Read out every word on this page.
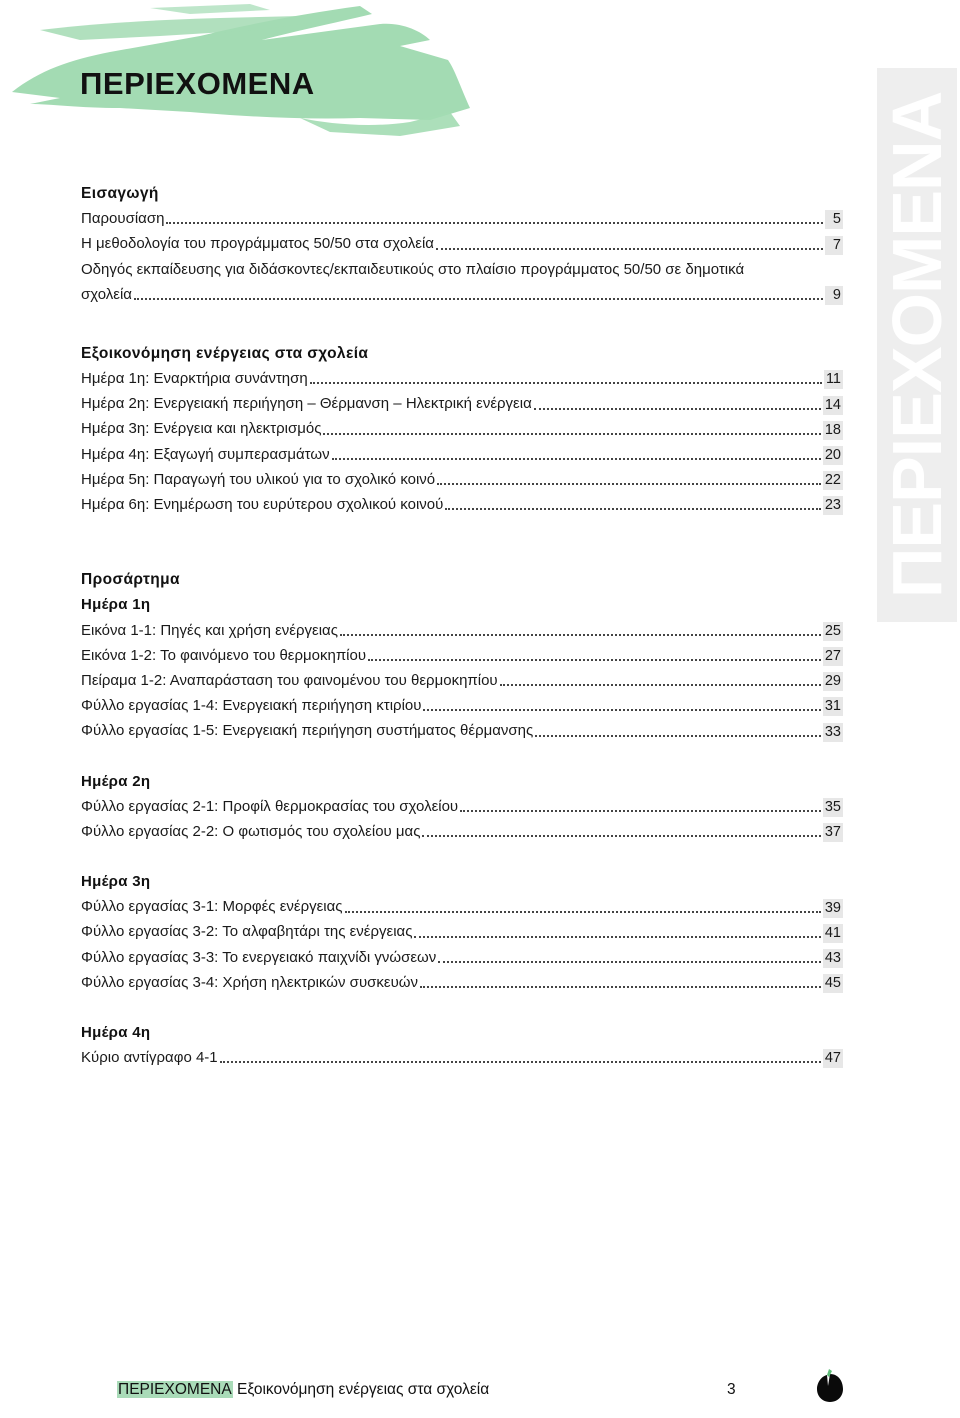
ΠΕΡΙΕΧΟΜΕΝΑ
ΠΕΡΙΕΧΟΜΕΝΑ
Εισαγωγή
Παρουσίαση	5
Η μεθοδολογία του προγράμματος 50/50 στα σχολεία	7
Οδηγός εκπαίδευσης για διδάσκοντες/εκπαιδευτικούς στο πλαίσιο προγράμματος 50/50 σε δημοτικά
σχολεία	9
Εξοικονόμηση ενέργειας στα σχολεία
Ημέρα 1η: Εναρκτήρια συνάντηση	11
Ημέρα 2η: Ενεργειακή περιήγηση – Θέρμανση – Ηλεκτρική ενέργεια	14
Ημέρα 3η: Ενέργεια και ηλεκτρισμός	18
Ημέρα 4η: Εξαγωγή συμπερασμάτων	20
Ημέρα 5η: Παραγωγή του υλικού για το σχολικό κοινό	22
Ημέρα 6η: Ενημέρωση του ευρύτερου σχολικού κοινού	23
Προσάρτημα
Ημέρα 1η
Εικόνα 1-1: Πηγές και χρήση ενέργειας	25
Εικόνα 1-2: Το φαινόμενο του θερμοκηπίου	27
Πείραμα 1-2: Αναπαράσταση του φαινομένου του θερμοκηπίου	29
Φύλλο εργασίας 1-4: Ενεργειακή περιήγηση κτιρίου	31
Φύλλο εργασίας 1-5: Ενεργειακή περιήγηση συστήματος θέρμανσης	33
Ημέρα 2η
Φύλλο εργασίας 2-1: Προφίλ θερμοκρασίας του σχολείου	35
Φύλλο εργασίας 2-2: Ο φωτισμός του σχολείου μας	37
Ημέρα 3η
Φύλλο εργασίας 3-1: Μορφές ενέργειας	39
Φύλλο εργασίας 3-2: Το αλφαβητάρι της ενέργειας	41
Φύλλο εργασίας 3-3: Το ενεργειακό παιχνίδι γνώσεων	43
Φύλλο εργασίας 3-4: Χρήση ηλεκτρικών συσκευών	45
Ημέρα 4η
Κύριο αντίγραφο 4-1	47
ΠΕΡΙΕΧΟΜΕΝΑ Εξοικονόμηση ενέργειας στα σχολεία	3
